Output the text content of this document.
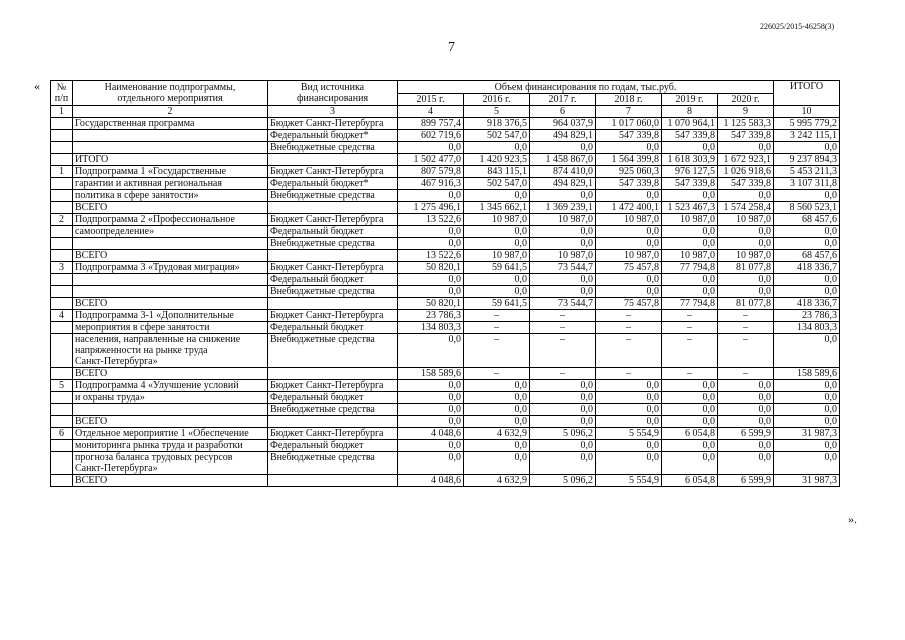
226025/2015-46258(3)
7
«
».
№
п/п	Наименование подпрограммы,
отдельного мероприятия	Вид источника
финансирования	Объем финансирования по годам, тыс.руб.						ИТОГО
			2015 г.	2016 г.	2017 г.	2018 г.	2019 г.	2020 г.	
1	2	3	4	5	6	7	8	9	10
	Государственная программа	Бюджет Санкт-Петербурга	899 757,4	918 376,5	964 037,9	1 017 060,0	1 070 964,1	1 125 583,3	5 995 779,2
		Федеральный бюджет*	602 719,6	502 547,0	494 829,1	547 339,8	547 339,8	547 339,8	3 242 115,1
		Внебюджетные средства	0,0	0,0	0,0	0,0	0,0	0,0	0,0
	ИТОГО		1 502 477,0	1 420 923,5	1 458 867,0	1 564 399,8	1 618 303,9	1 672 923,1	9 237 894,3
1	Подпрограмма 1 «Государственные	Бюджет Санкт-Петербурга	807 579,8	843 115,1	874 410,0	925 060,3	976 127,5	1 026 918,6	5 453 211,3
	гарантии и активная региональная	Федеральный бюджет*	467 916,3	502 547,0	494 829,1	547 339,8	547 339,8	547 339,8	3 107 311,8
	политика в сфере занятости»	Внебюджетные средства	0,0	0,0	0,0	0,0	0,0	0,0	0,0
	ВСЕГО		1 275 496,1	1 345 662,1	1 369 239,1	1 472 400,1	1 523 467,3	1 574 258,4	8 560 523,1
2	Подпрограмма 2 «Профессиональное	Бюджет Санкт-Петербурга	13 522,6	10 987,0	10 987,0	10 987,0	10 987,0	10 987,0	68 457,6
	самоопределение»	Федеральный бюджет	0,0	0,0	0,0	0,0	0,0	0,0	0,0
		Внебюджетные средства	0,0	0,0	0,0	0,0	0,0	0,0	0,0
	ВСЕГО		13 522,6	10 987,0	10 987,0	10 987,0	10 987,0	10 987,0	68 457,6
3	Подпрограмма 3 «Трудовая миграция»	Бюджет Санкт-Петербурга	50 820,1	59 641,5	73 544,7	75 457,8	77 794,8	81 077,8	418 336,7
		Федеральный бюджет	0,0	0,0	0,0	0,0	0,0	0,0	0,0
		Внебюджетные средства	0,0	0,0	0,0	0,0	0,0	0,0	0,0
	ВСЕГО		50 820,1	59 641,5	73 544,7	75 457,8	77 794,8	81 077,8	418 336,7
4	Подпрограмма 3-1 «Дополнительные	Бюджет Санкт-Петербурга	23 786,3	–	–	–	–	–	23 786,3
	мероприятия в сфере занятости	Федеральный бюджет	134 803,3	–	–	–	–	–	134 803,3
	населения, направленные на снижение
напряженности на рынке труда
Санкт-Петербурга»	Внебюджетные средства	0,0	–	–	–	–	–	0,0
	ВСЕГО		158 589,6	–	–	–	–	–	158 589,6
5	Подпрограмма 4 «Улучшение условий	Бюджет Санкт-Петербурга	0,0	0,0	0,0	0,0	0,0	0,0	0,0
	и охраны труда»	Федеральный бюджет	0,0	0,0	0,0	0,0	0,0	0,0	0,0
		Внебюджетные средства	0,0	0,0	0,0	0,0	0,0	0,0	0,0
	ВСЕГО		0,0	0,0	0,0	0,0	0,0	0,0	0,0
6	Отдельное мероприятие 1 «Обеспечение	Бюджет Санкт-Петербурга	4 048,6	4 632,9	5 096,2	5 554,9	6 054,8	6 599,9	31 987,3
	мониторинга рынка труда и разработки	Федеральный бюджет	0,0	0,0	0,0	0,0	0,0	0,0	0,0
	прогноза баланса трудовых ресурсов
Санкт-Петербурга»	Внебюджетные средства	0,0	0,0	0,0	0,0	0,0	0,0	0,0
	ВСЕГО		4 048,6	4 632,9	5 096,2	5 554,9	6 054,8	6 599,9	31 987,3
